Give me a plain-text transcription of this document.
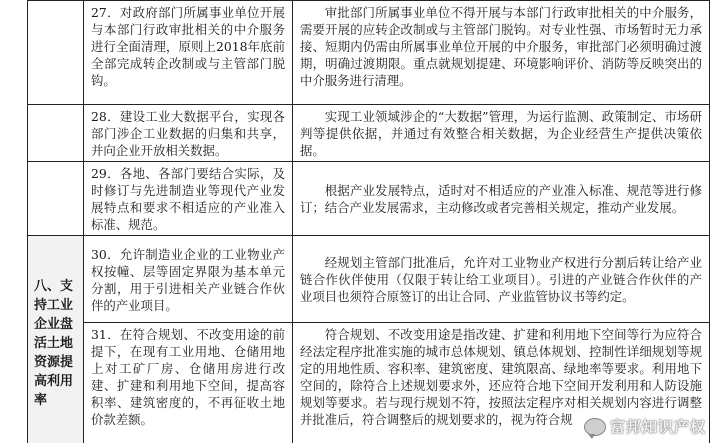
	27．对政府部门所属事业单位开展与本部门行政审批相关的中介服务进行全面清理，原则上2018年底前全部完成转企改制或与主管部门脱钩。	审批部门所属事业单位不得开展与本部门行政审批相关的中介服务，需要开展的应转企改制或与主管部门脱钩。对专业性强、市场暂时无力承接、短期内仍需由所属事业单位开展的中介服务，审批部门必须明确过渡期，明确过渡期限。重点就规划提建、环境影响评价、消防等反映突出的中介服务进行清理。
	28．建设工业大数据平台，实现各部门涉企工业数据的归集和共享，并向企业开放相关数据。	实现工业领域涉企的“大数据”管理，为运行监测、政策制定、市场研判等提供依据，并通过有效整合相关数据，为企业经营生产提供决策依据。
	29．各地、各部门要结合实际，及时修订与先进制造业等现代产业发展特点和要求不相适应的产业准入标准、规范。	根据产业发展特点，适时对不相适应的产业准入标准、规范等进行修订；结合产业发展需求，主动修改或者完善相关规定，推动产业发展。
八、支持工业企业盘活土地资源提高利用率	30．允许制造业企业的工业物业产权按幢、层等固定界限为基本单元分割，用于引进相关产业链合作伙伴的产业项目。	经规划主管部门批准后，允许对工业物业产权进行分割后转让给产业链合作伙伴使用（仅限于转让给工业项目）。引进的产业链合作伙伴的产业项目也须符合原签订的出让合同、产业监管协议书等约定。
	31．在符合规划、不改变用途的前提下，在现有工业用地、仓储用地上对工矿厂房、仓储用房进行改建、扩建和利用地下空间，提高容积率、建筑密度的，不再征收土地价款差额。	符合规划、不改变用途是指改建、扩建和利用地下空间等行为应符合经法定程序批准实施的城市总体规划、镇总体规划、控制性详细规划等规定的用地性质、容积率、建筑密度、建筑限高、绿地率等要求。利用地下空间的，除符合上述规划要求外，还应符合地下空间开发利用和人防设施规划等要求。若与现行规划不符，按照法定程序对相关规划内容进行调整并批准后，符合调整后的规划要求的，视为符合规 富邦知识产权
